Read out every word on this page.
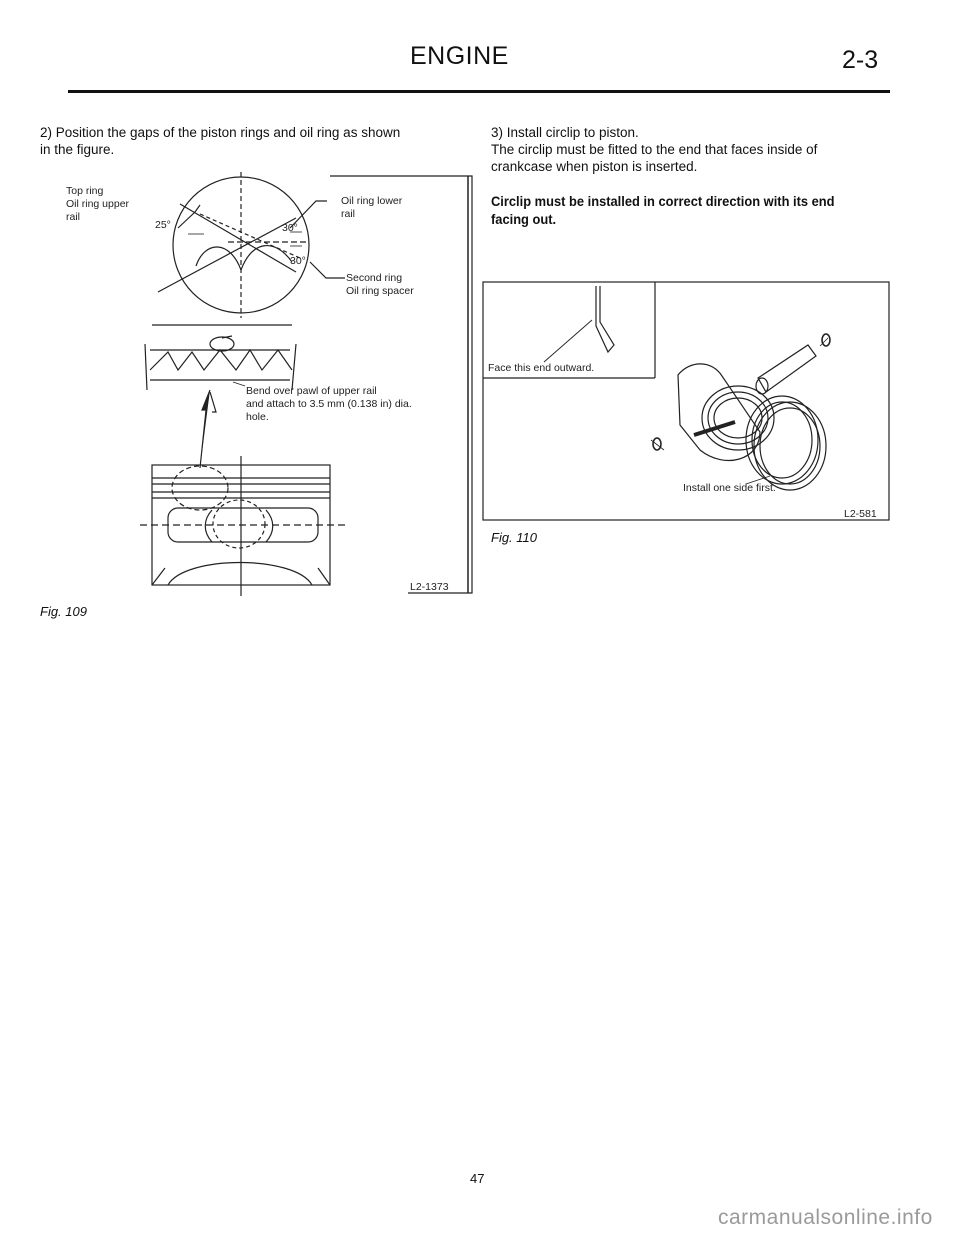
ENGINE	2-3
2) Position the gaps of the piston rings and oil ring as shown
in the figure.
3) Install circlip to piston.
The circlip must be fitted to the end that faces inside of
crankcase when piston is inserted.
Circlip must be installed in correct direction with its end
facing out.
Top ring
Oil ring upper
rail
25°	30°
30°
Oil ring lower
rail
Second ring
Oil ring spacer
Bend over pawl of upper rail
and attach to 3.5 mm (0.138 in) dia.
hole.
L2-1373
Fig. 109
Face this end outward.
Install one side first.
L2-581
Fig. 110
47
carmanualsonline.info
